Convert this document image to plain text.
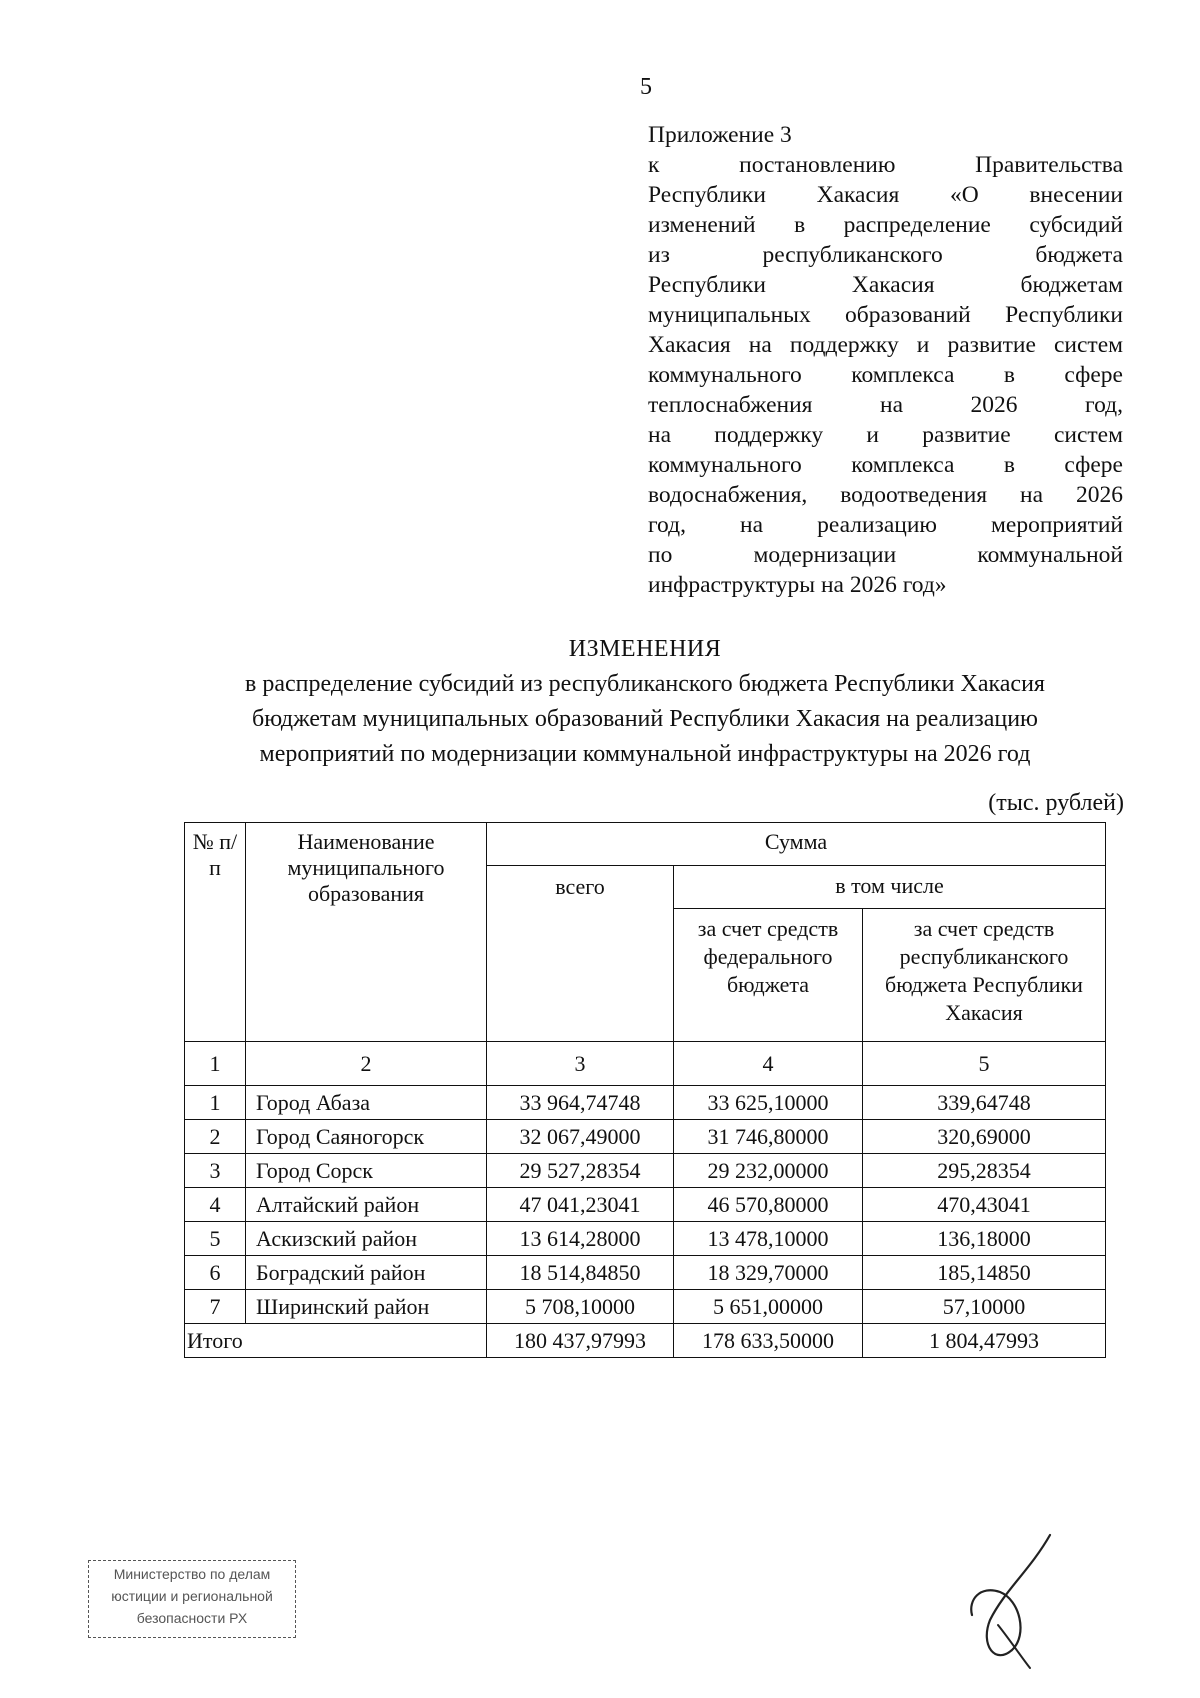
5
Приложение 3
к постановлению Правительства
Республики Хакасия «О внесении
изменений в распределение субсидий
из республиканского бюджета
Республики Хакасия бюджетам
муниципальных образований Республики
Хакасия на поддержку и развитие систем
коммунального комплекса в сфере
теплоснабжения на 2026 год,
на поддержку и развитие систем
коммунального комплекса в сфере
водоснабжения, водоотведения на 2026
год, на реализацию мероприятий
по модернизации коммунальной
инфраструктуры на 2026 год»
ИЗМЕНЕНИЯ
в распределение субсидий из республиканского бюджета Республики Хакасия
бюджетам муниципальных образований Республики Хакасия на реализацию
мероприятий по модернизации коммунальной инфраструктуры на 2026 год
(тыс. рублей)
№ п/п	Наименование муниципального образования	Сумма		
		всего	в том числе	
			за счет средств федерального бюджета	за счет средств республиканского бюджета Республики Хакасия
1	2	3	4	5
1	Город Абаза	33 964,74748	33 625,10000	339,64748
2	Город Саяногорск	32 067,49000	31 746,80000	320,69000
3	Город Сорск	29 527,28354	29 232,00000	295,28354
4	Алтайский район	47 041,23041	46 570,80000	470,43041
5	Аскизский район	13 614,28000	13 478,10000	136,18000
6	Боградский район	18 514,84850	18 329,70000	185,14850
7	Ширинский район	5 708,10000	5 651,00000	57,10000
Итого		180 437,97993	178 633,50000	1 804,47993
Министерство по делам
юстиции и региональной
безопасности РХ
